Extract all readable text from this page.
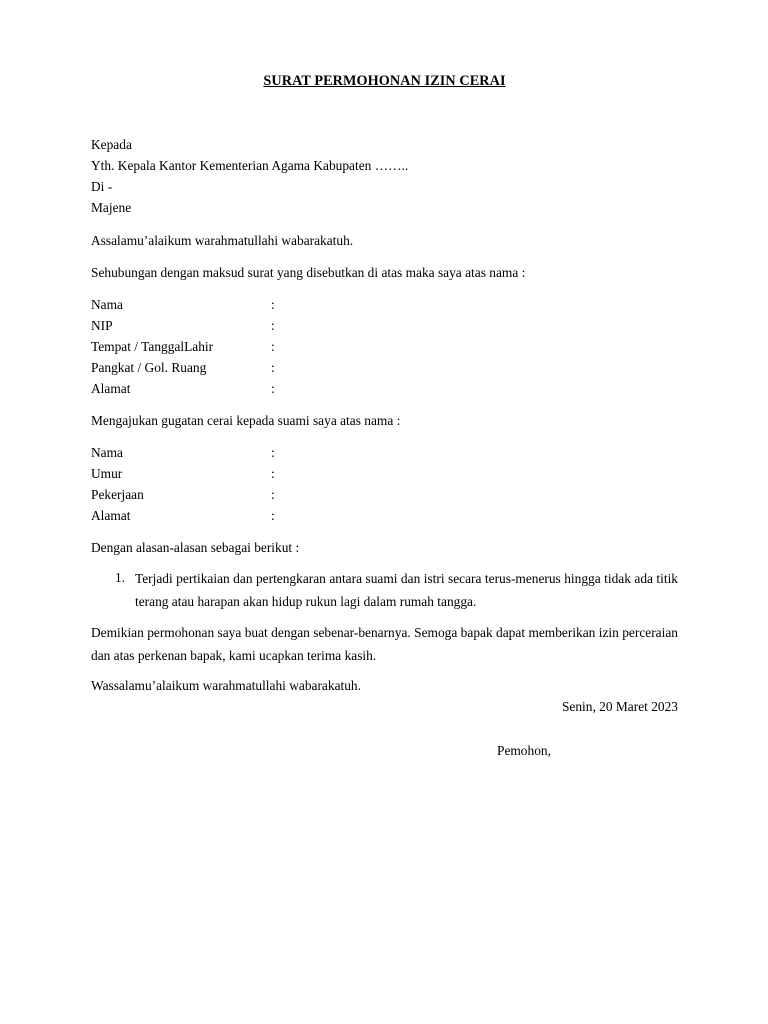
SURAT PERMOHONAN IZIN CERAI
Kepada
Yth. Kepala Kantor Kementerian Agama Kabupaten ……..
Di -
Majene
Assalamu’alaikum warahmatullahi wabarakatuh.
Sehubungan dengan maksud surat yang disebutkan di atas maka saya atas nama :
Nama	:
NIP	:
Tempat / TanggalLahir	:
Pangkat / Gol. Ruang	:
Alamat	:
Mengajukan gugatan cerai kepada suami saya atas nama :
Nama	:
Umur	:
Pekerjaan	:
Alamat	:
Dengan alasan-alasan sebagai berikut :
1. Terjadi pertikaian dan pertengkaran antara suami dan istri secara terus-menerus hingga tidak ada titik terang atau harapan akan hidup rukun lagi dalam rumah tangga.
Demikian permohonan saya buat dengan sebenar-benarnya. Semoga bapak dapat memberikan izin perceraian dan atas perkenan bapak, kami ucapkan terima kasih.
Wassalamu’alaikum warahmatullahi wabarakatuh.
Senin, 20 Maret 2023
Pemohon,
